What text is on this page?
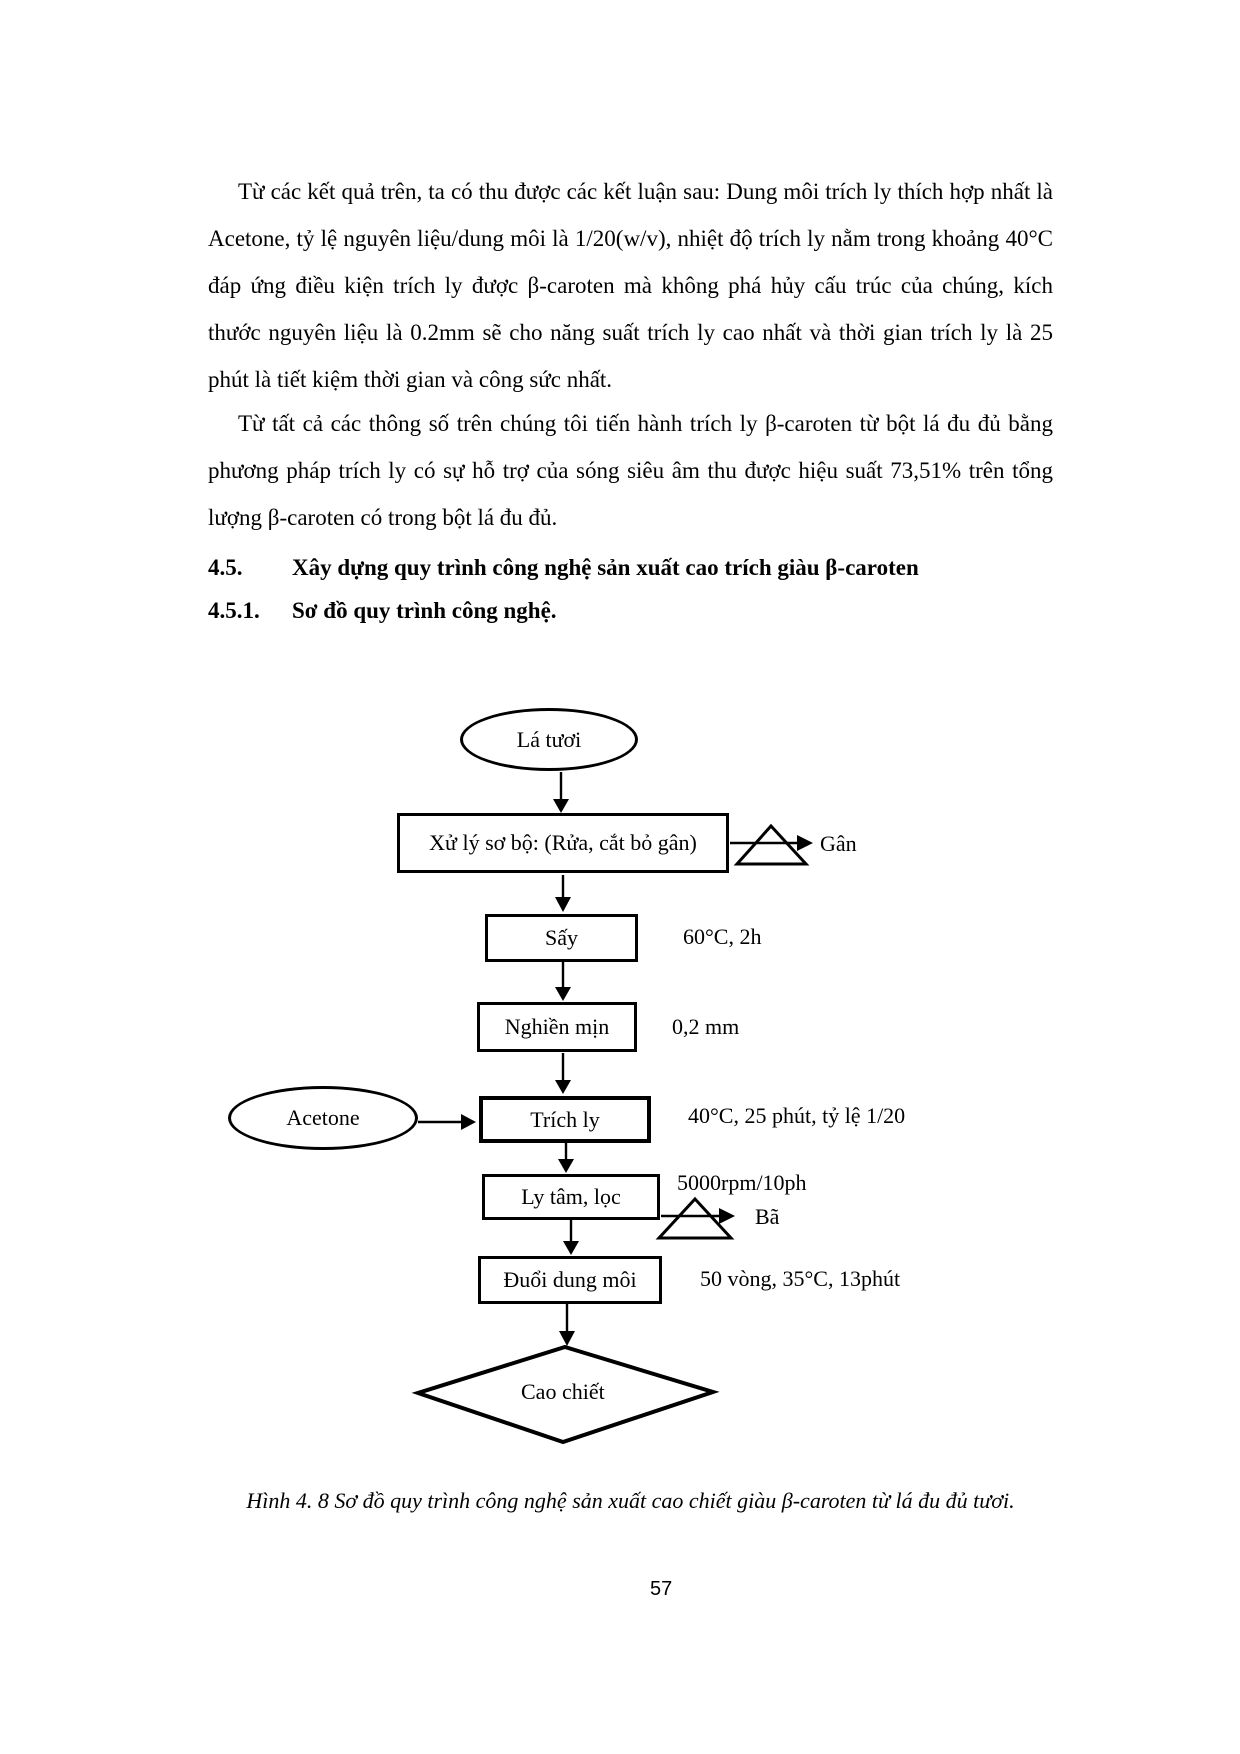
Từ các kết quả trên, ta có thu được các kết luận sau: Dung môi trích ly thích hợp nhất là Acetone, tỷ lệ nguyên liệu/dung môi là 1/20(w/v), nhiệt độ trích ly nằm trong khoảng 40°C đáp ứng điều kiện trích ly được β-caroten mà không phá hủy cấu trúc của chúng, kích thước nguyên liệu là 0.2mm sẽ cho năng suất trích ly cao nhất và thời gian trích ly là 25 phút là tiết kiệm thời gian và công sức nhất.
Từ tất cả các thông số trên chúng tôi tiến hành trích ly β-caroten từ bột lá đu đủ bằng phương pháp trích ly có sự hỗ trợ của sóng siêu âm thu được hiệu suất 73,51% trên tổng lượng β-caroten có trong bột lá đu đủ.
4.5.	Xây dựng quy trình công nghệ sản xuất cao trích giàu β-caroten
4.5.1.	Sơ đồ quy trình công nghệ.
Lá tươi
Xử lý sơ bộ: (Rửa, cắt bỏ gân)
Sấy
Nghiền mịn
Acetone	Trích ly
Ly tâm, lọc
Đuổi dung môi
Cao chiết
Gân
60°C, 2h
0,2 mm
40°C, 25 phút, tỷ lệ 1/20
5000rpm/10ph
Bã
50 vòng, 35°C, 13phút
Hình 4. 8 Sơ đồ quy trình công nghệ sản xuất cao chiết giàu β-caroten từ lá đu đủ tươi.
57
